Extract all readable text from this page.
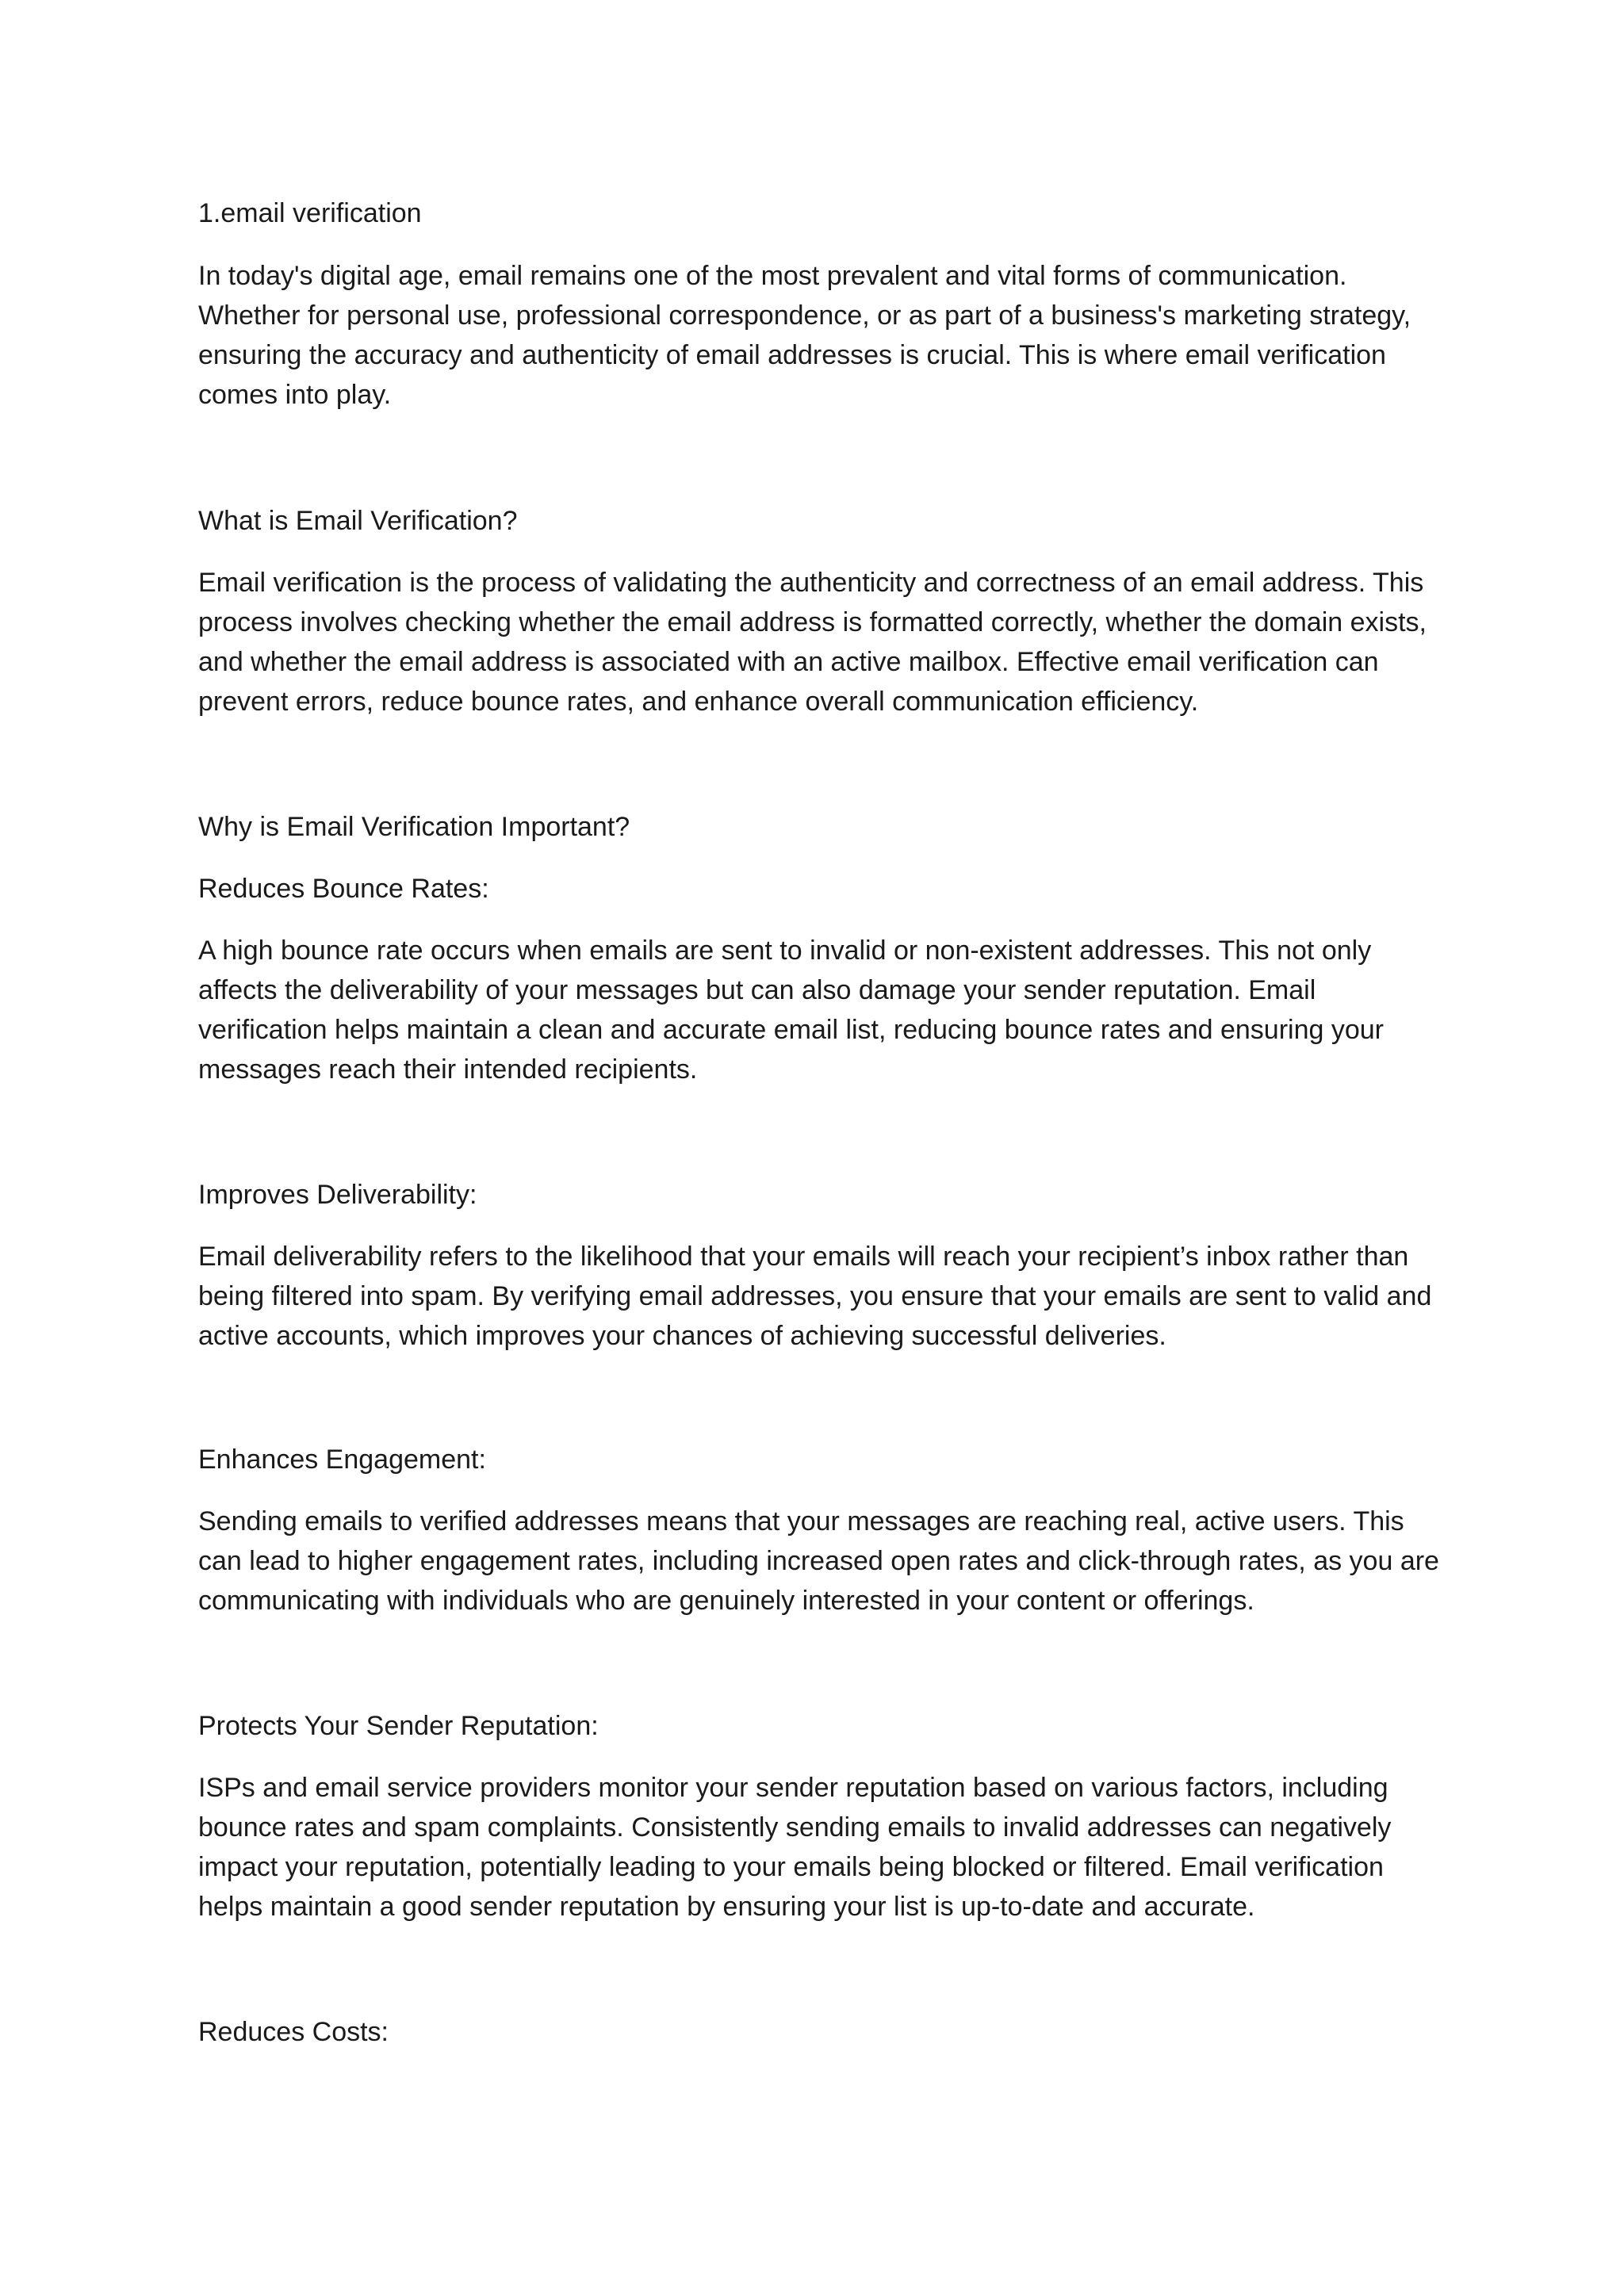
1.email verification

In today's digital age, email remains one of the most prevalent and vital forms of communication. Whether for personal use, professional correspondence, or as part of a business's marketing strategy, ensuring the accuracy and authenticity of email addresses is crucial. This is where email verification comes into play.

What is Email Verification?

Email verification is the process of validating the authenticity and correctness of an email address. This process involves checking whether the email address is formatted correctly, whether the domain exists, and whether the email address is associated with an active mailbox. Effective email verification can prevent errors, reduce bounce rates, and enhance overall communication efficiency.

Why is Email Verification Important?

Reduces Bounce Rates:

A high bounce rate occurs when emails are sent to invalid or non-existent addresses. This not only affects the deliverability of your messages but can also damage your sender reputation. Email verification helps maintain a clean and accurate email list, reducing bounce rates and ensuring your messages reach their intended recipients.

Improves Deliverability:

Email deliverability refers to the likelihood that your emails will reach your recipient’s inbox rather than being filtered into spam. By verifying email addresses, you ensure that your emails are sent to valid and active accounts, which improves your chances of achieving successful deliveries.

Enhances Engagement:

Sending emails to verified addresses means that your messages are reaching real, active users. This can lead to higher engagement rates, including increased open rates and click-through rates, as you are communicating with individuals who are genuinely interested in your content or offerings.

Protects Your Sender Reputation:

ISPs and email service providers monitor your sender reputation based on various factors, including bounce rates and spam complaints. Consistently sending emails to invalid addresses can negatively impact your reputation, potentially leading to your emails being blocked or filtered. Email verification helps maintain a good sender reputation by ensuring your list is up-to-date and accurate.

Reduces Costs:
